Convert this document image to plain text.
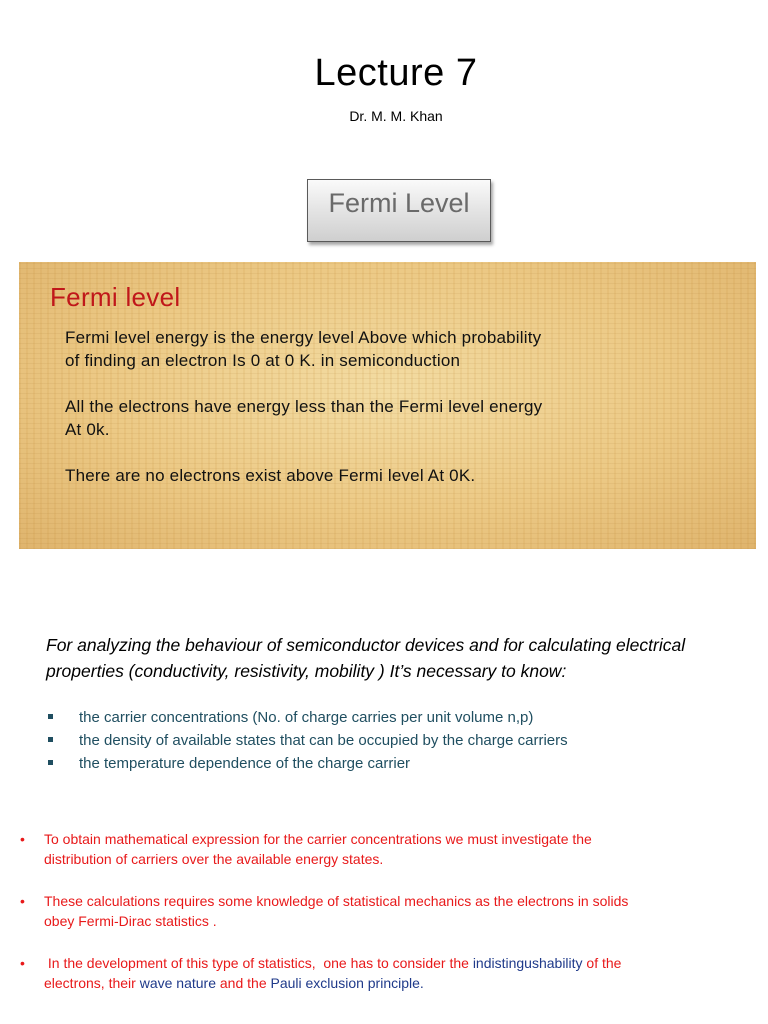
Lecture 7
Dr. M. M. Khan
Fermi Level
Fermi level
Fermi level energy is the energy level Above which probability
of finding an electron Is 0 at 0 K. in semiconduction
All the electrons have energy less than the Fermi level energy
At 0k.
There are no electrons exist above Fermi level At 0K.
For analyzing the behaviour of semiconductor devices and for calculating electrical properties (conductivity, resistivity, mobility ) It’s necessary to know:
the carrier concentrations (No. of charge carries per unit volume n,p)
the density of available states that can be occupied by the charge carriers
the temperature dependence of the charge carrier
• To obtain mathematical expression for the carrier concentrations we must investigate the
distribution of carriers over the available energy states.
• These calculations requires some knowledge of statistical mechanics as the electrons in solids
obey Fermi-Dirac statistics .
• In the development of this type of statistics,  one has to consider the indistingushability of the
electrons, their wave nature and the Pauli exclusion principle.
